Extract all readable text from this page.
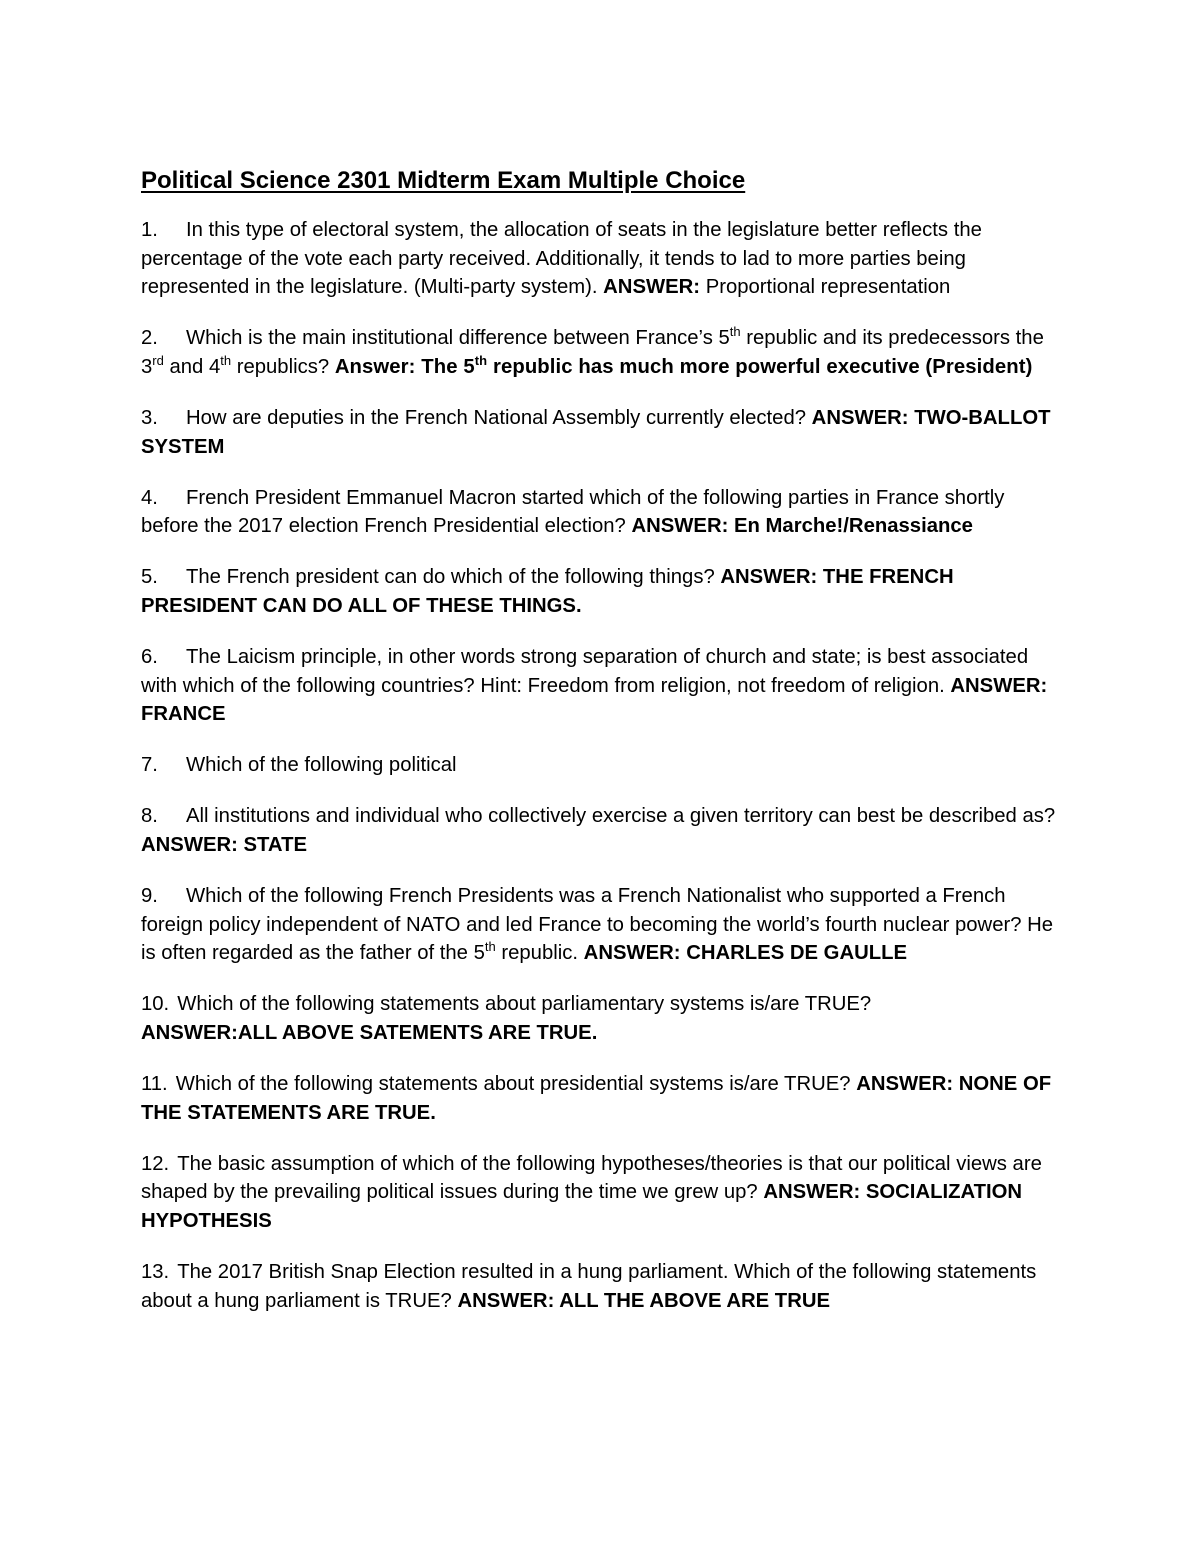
Political Science 2301 Midterm Exam Multiple Choice
1. In this type of electoral system, the allocation of seats in the legislature better reflects the percentage of the vote each party received. Additionally, it tends to lad to more parties being represented in the legislature. (Multi-party system). ANSWER: Proportional representation
2. Which is the main institutional difference between France’s 5th republic and its predecessors the 3rd and 4th republics? Answer: The 5th republic has much more powerful executive (President)
3. How are deputies in the French National Assembly currently elected? ANSWER: TWO-BALLOT SYSTEM
4. French President Emmanuel Macron started which of the following parties in France shortly before the 2017 election French Presidential election? ANSWER: En Marche!/Renassiance
5. The French president can do which of the following things? ANSWER: THE FRENCH PRESIDENT CAN DO ALL OF THESE THINGS.
6. The Laicism principle, in other words strong separation of church and state; is best associated with which of the following countries? Hint: Freedom from religion, not freedom of religion. ANSWER: FRANCE
7. Which of the following political
8. All institutions and individual who collectively exercise a given territory can best be described as? ANSWER: STATE
9. Which of the following French Presidents was a French Nationalist who supported a French foreign policy independent of NATO and led France to becoming the world’s fourth nuclear power? He is often regarded as the father of the 5th republic. ANSWER: CHARLES DE GAULLE
10. Which of the following statements about parliamentary systems is/are TRUE?
ANSWER:ALL ABOVE SATEMENTS ARE TRUE.
11. Which of the following statements about presidential systems is/are TRUE? ANSWER: NONE OF THE STATEMENTS ARE TRUE.
12. The basic assumption of which of the following hypotheses/theories is that our political views are shaped by the prevailing political issues during the time we grew up? ANSWER: SOCIALIZATION HYPOTHESIS
13. The 2017 British Snap Election resulted in a hung parliament. Which of the following statements about a hung parliament is TRUE? ANSWER: ALL THE ABOVE ARE TRUE
